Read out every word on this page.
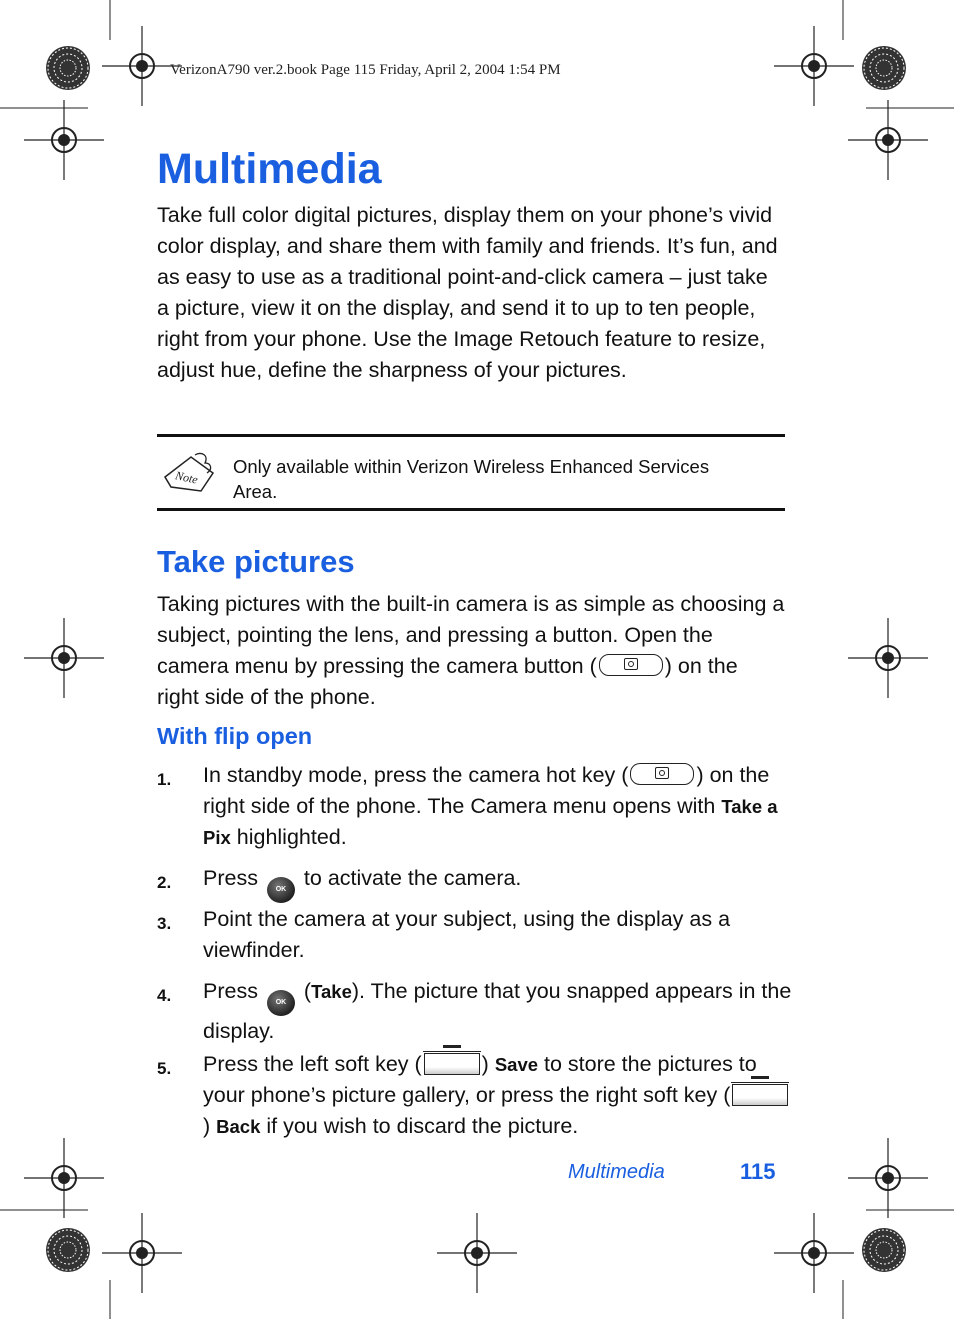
VerizonA790 ver.2.book Page 115 Friday, April 2, 2004 1:54 PM
Multimedia

Take full color digital pictures, display them on your phone’s vivid color display, and share them with family and friends. It’s fun, and as easy to use as a traditional point-and-click camera – just take a picture, view it on the display, and send it to up to ten people, right from your phone. Use the Image Retouch feature to resize, adjust hue, define the sharpness of your pictures.

Note

Only available within Verizon Wireless Enhanced Services Area.

Take pictures

Taking pictures with the built-in camera is as simple as choosing a subject, pointing the lens, and pressing a button. Open the camera menu by pressing the camera button (	) on the right side of the phone.

With flip open
1. In standby mode, press the camera hot key (	) on the right side of the phone. The Camera menu opens with Take a Pix highlighted.

2. Press OK to activate the camera.

3. Point the camera at your subject, using the display as a viewfinder.

4. Press OK (Take). The picture that you snapped appears in the display.

5. Press the left soft key (	) Save to store the pictures to your phone’s picture gallery, or press the right soft key () Back if you wish to discard the picture.

Multimedia	115
